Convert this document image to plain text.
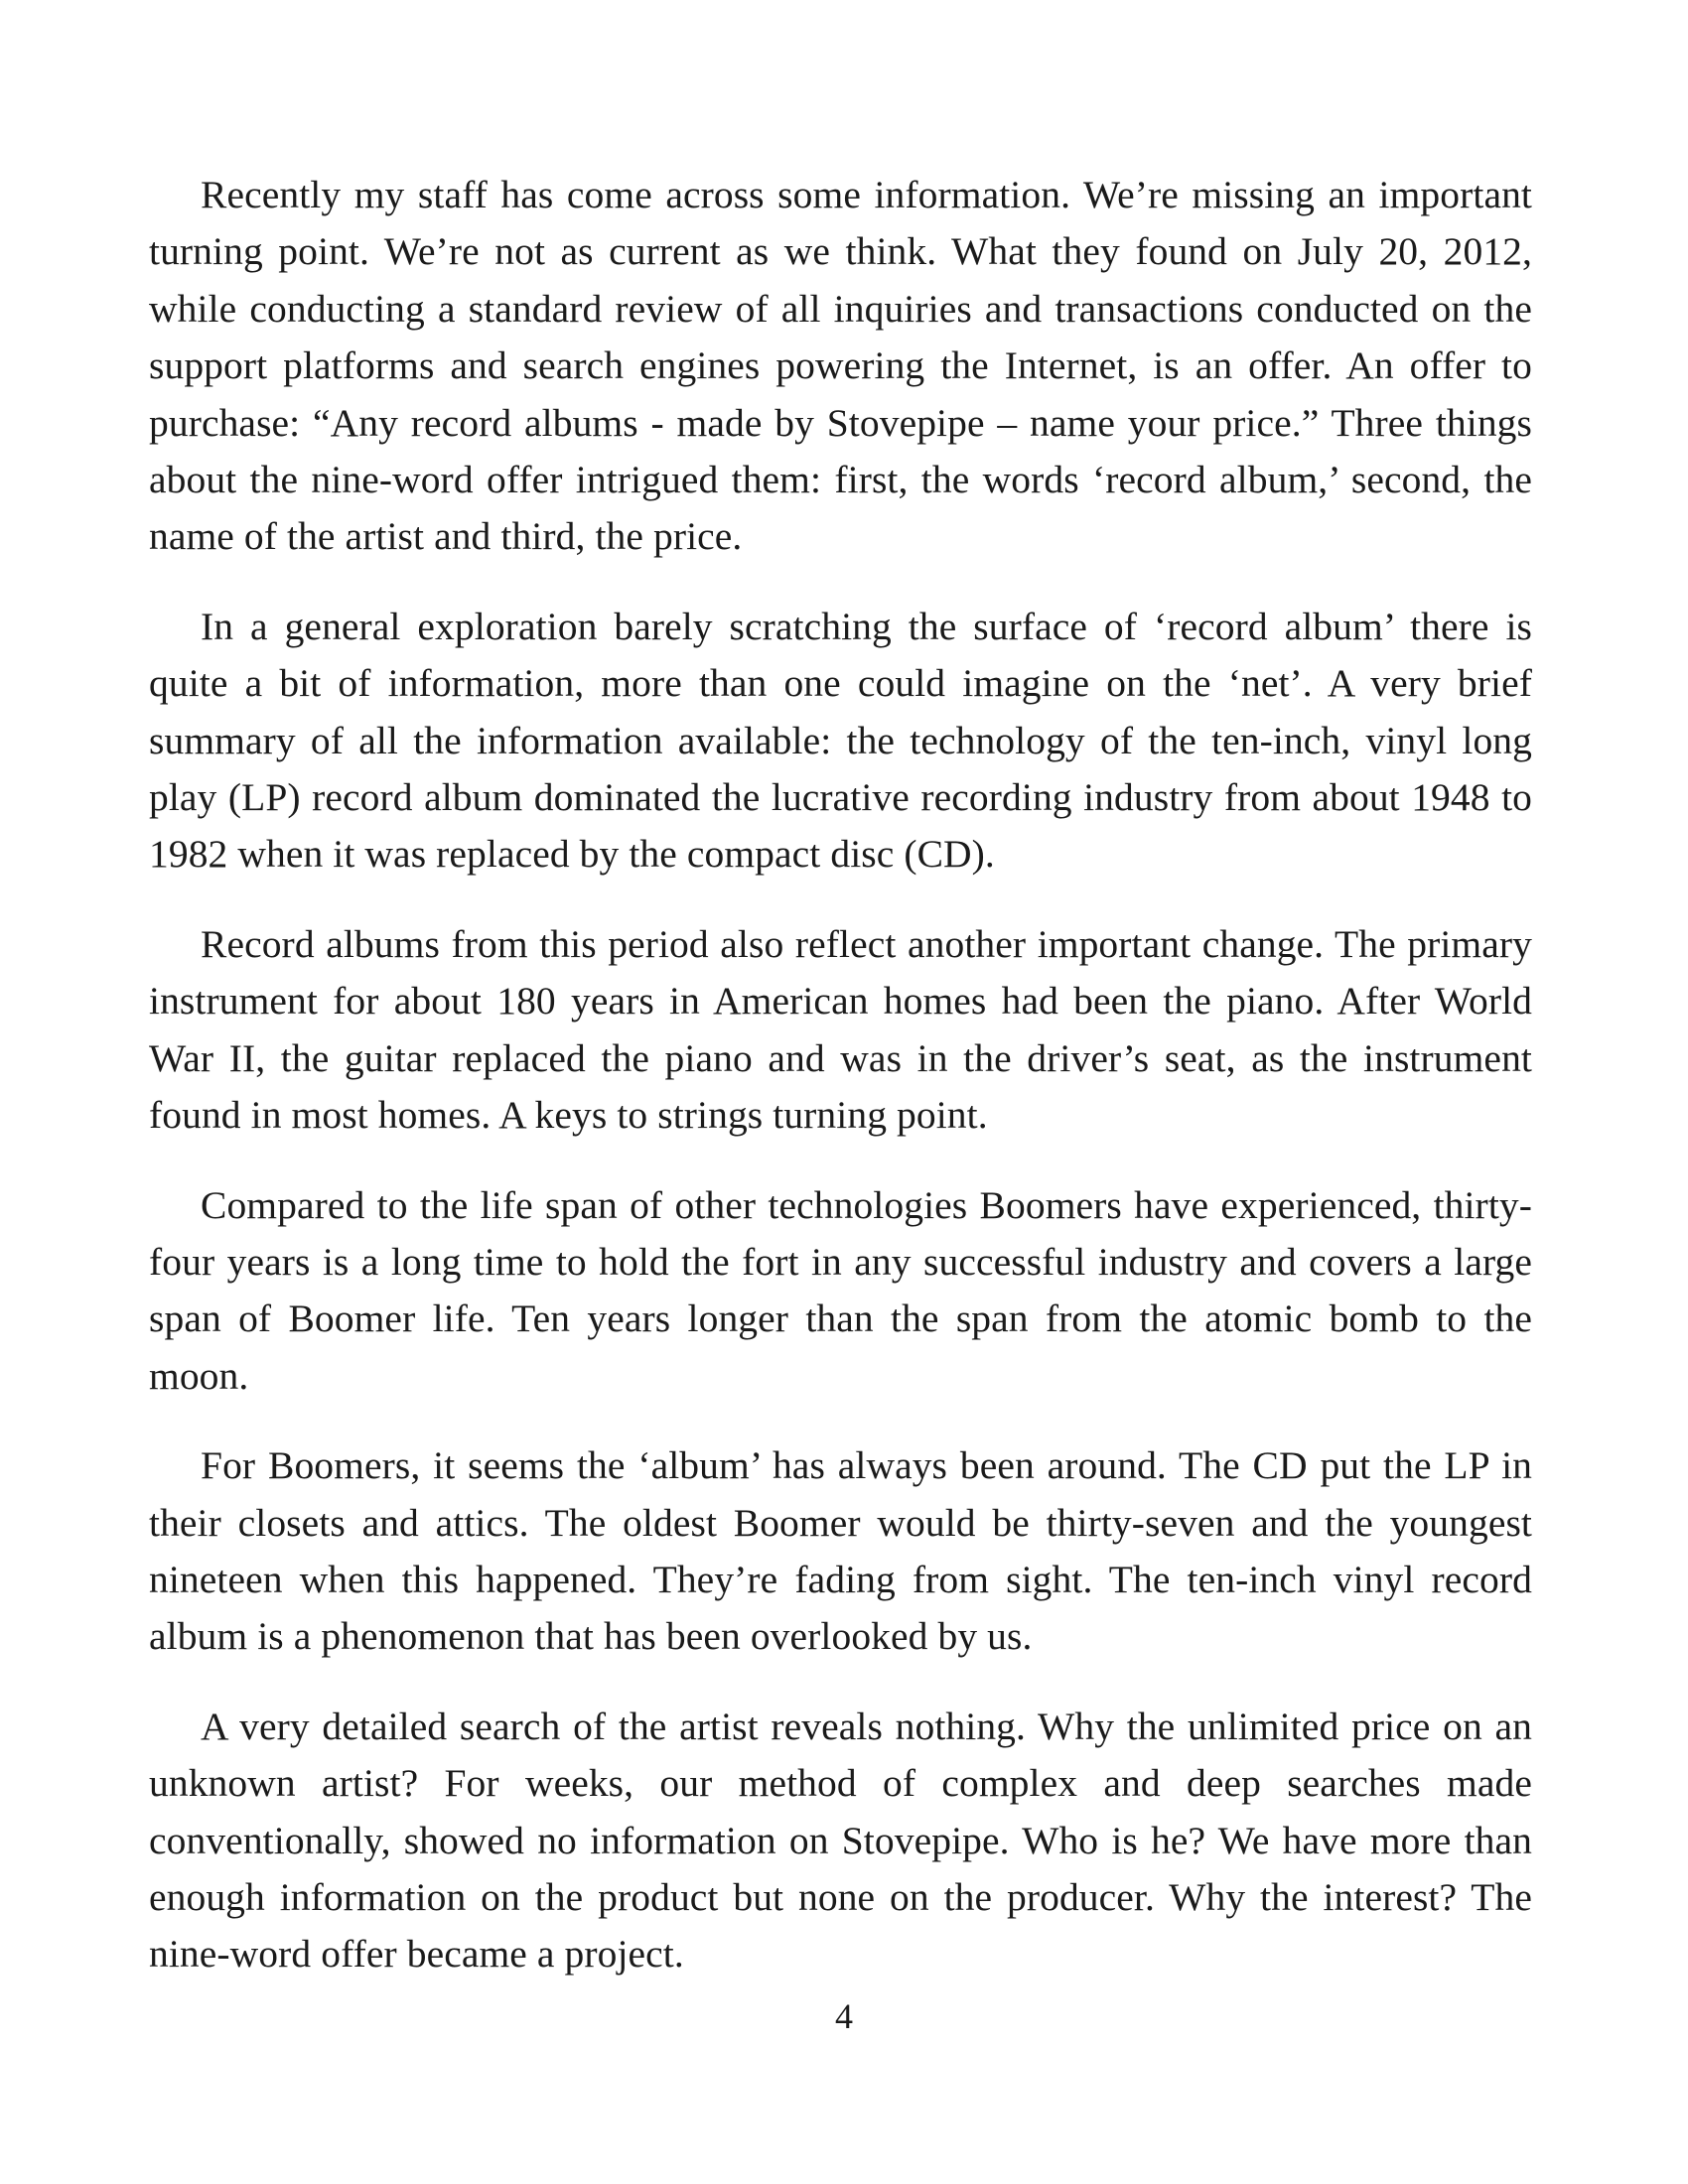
Recently my staff has come across some information. We’re missing an important turning point. We’re not as current as we think. What they found on July 20, 2012, while conducting a standard review of all inquiries and transactions conducted on the support platforms and search engines powering the Internet, is an offer. An offer to purchase: “Any record albums - made by Stovepipe – name your price.” Three things about the nine-word offer intrigued them: first, the words ‘record album,’ second, the name of the artist and third, the price.

In a general exploration barely scratching the surface of ‘record album’ there is quite a bit of information, more than one could imagine on the ‘net’. A very brief summary of all the information available: the technology of the ten-inch, vinyl long play (LP) record album dominated the lucrative recording industry from about 1948 to 1982 when it was replaced by the compact disc (CD).

Record albums from this period also reflect another important change. The primary instrument for about 180 years in American homes had been the piano. After World War II, the guitar replaced the piano and was in the driver’s seat, as the instrument found in most homes. A keys to strings turning point.

Compared to the life span of other technologies Boomers have experienced, thirty-four years is a long time to hold the fort in any successful industry and covers a large span of Boomer life. Ten years longer than the span from the atomic bomb to the moon.

For Boomers, it seems the ‘album’ has always been around. The CD put the LP in their closets and attics. The oldest Boomer would be thirty-seven and the youngest nineteen when this happened. They’re fading from sight. The ten-inch vinyl record album is a phenomenon that has been overlooked by us.

A very detailed search of the artist reveals nothing. Why the unlimited price on an unknown artist? For weeks, our method of complex and deep searches made conventionally, showed no information on Stovepipe. Who is he? We have more than enough information on the product but none on the producer. Why the interest? The nine-word offer became a project.

4
